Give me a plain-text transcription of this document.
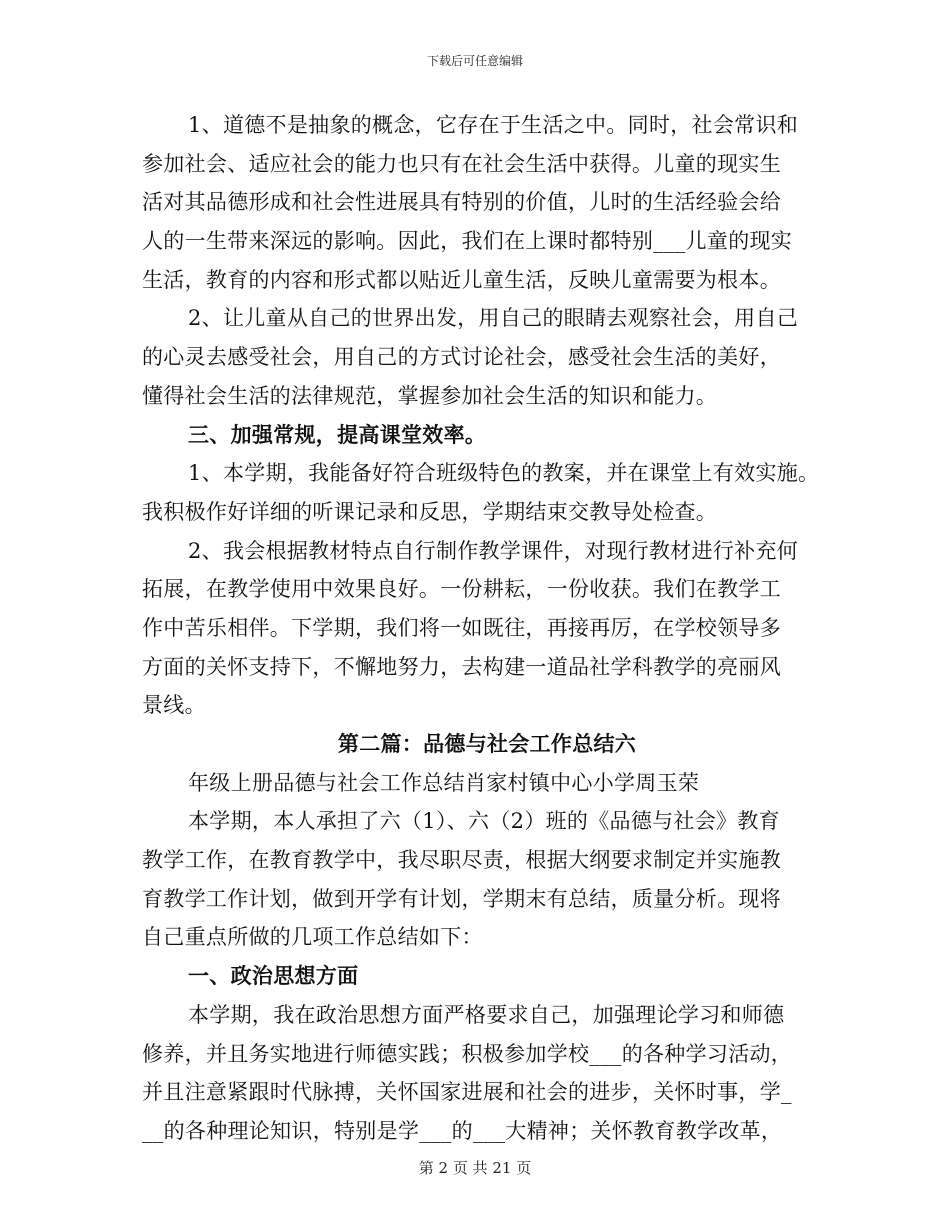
下载后可任意编辑
1、道德不是抽象的概念，它存在于生活之中。同时，社会常识和
参加社会、适应社会的能力也只有在社会生活中获得。儿童的现实生
活对其品德形成和社会性进展具有特别的价值，儿时的生活经验会给
人的一生带来深远的影响。因此，我们在上课时都特别___儿童的现实
生活，教育的内容和形式都以贴近儿童生活，反映儿童需要为根本。
2、让儿童从自己的世界出发，用自己的眼睛去观察社会，用自己
的心灵去感受社会，用自己的方式讨论社会，感受社会生活的美好，
懂得社会生活的法律规范，掌握参加社会生活的知识和能力。
三、加强常规，提高课堂效率。
1、本学期，我能备好符合班级特色的教案，并在课堂上有效实施。
我积极作好详细的听课记录和反思，学期结束交教导处检查。
2、我会根据教材特点自行制作教学课件，对现行教材进行补充何
拓展，在教学使用中效果良好。一份耕耘，一份收获。我们在教学工
作中苦乐相伴。下学期，我们将一如既往，再接再厉，在学校领导多
方面的关怀支持下，不懈地努力，去构建一道品社学科教学的亮丽风
景线。
第二篇：品德与社会工作总结六
年级上册品德与社会工作总结肖家村镇中心小学周玉荣
本学期，本人承担了六（1）、六（2）班的《品德与社会》教育
教学工作，在教育教学中，我尽职尽责，根据大纲要求制定并实施教
育教学工作计划，做到开学有计划，学期末有总结，质量分析。现将
自己重点所做的几项工作总结如下：
一、政治思想方面
本学期，我在政治思想方面严格要求自己，加强理论学习和师德
修养，并且务实地进行师德实践；积极参加学校___的各种学习活动，
并且注意紧跟时代脉搏，关怀国家进展和社会的进步，关怀时事，学_
__的各种理论知识，特别是学___的___大精神；关怀教育教学改革，
第 2 页 共 21 页
